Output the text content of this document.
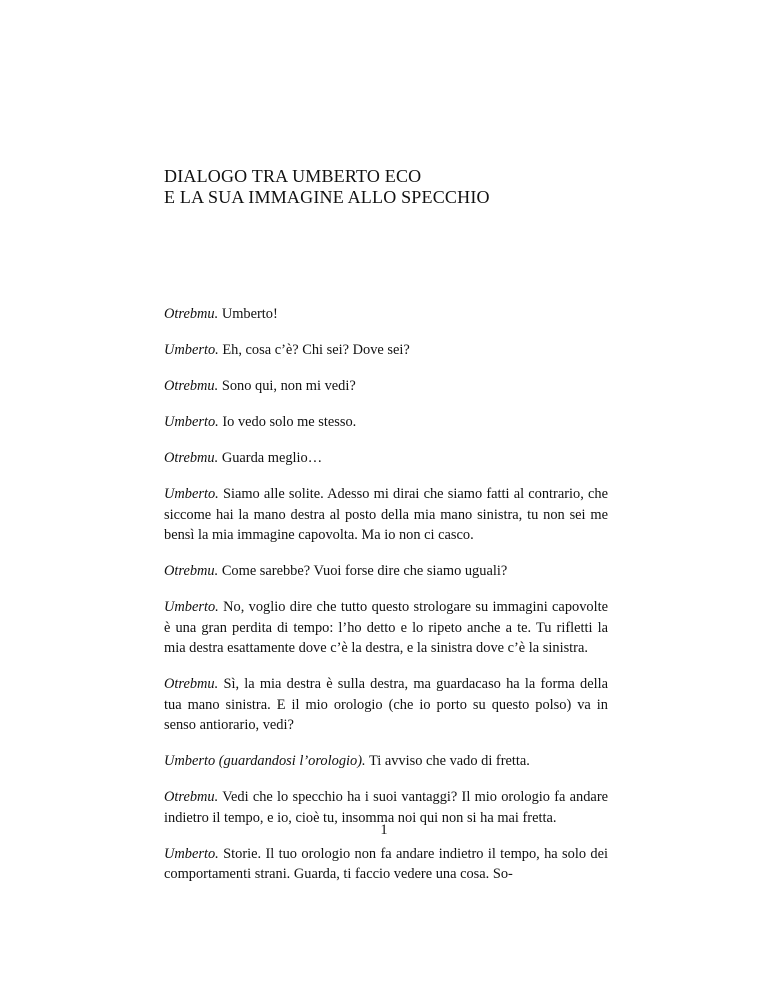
DIALOGO TRA UMBERTO ECO
E LA SUA IMMAGINE ALLO SPECCHIO

Otrebmu. Umberto!

Umberto. Eh, cosa c’è? Chi sei? Dove sei?

Otrebmu. Sono qui, non mi vedi?

Umberto. Io vedo solo me stesso.

Otrebmu. Guarda meglio…

Umberto. Siamo alle solite. Adesso mi dirai che siamo fatti al contrario, che siccome hai la mano destra al posto della mia mano sinistra, tu non sei me bensì la mia immagine capovolta. Ma io non ci casco.

Otrebmu. Come sarebbe? Vuoi forse dire che siamo uguali?

Umberto. No, voglio dire che tutto questo strologare su immagini capovolte è una gran perdita di tempo: l’ho detto e lo ripeto anche a te. Tu rifletti la mia destra esattamente dove c’è la destra, e la sinistra dove c’è la sinistra.

Otrebmu. Sì, la mia destra è sulla destra, ma guardacaso ha la forma della tua mano sinistra. E il mio orologio (che io porto su questo polso) va in senso antiorario, vedi?

Umberto (guardandosi l’orologio). Ti avviso che vado di fretta.

Otrebmu. Vedi che lo specchio ha i suoi vantaggi? Il mio orologio fa andare indietro il tempo, e io, cioè tu, insomma noi qui non si ha mai fretta.

Umberto. Storie. Il tuo orologio non fa andare indietro il tempo, ha solo dei comportamenti strani. Guarda, ti faccio vedere una cosa. So-

1
